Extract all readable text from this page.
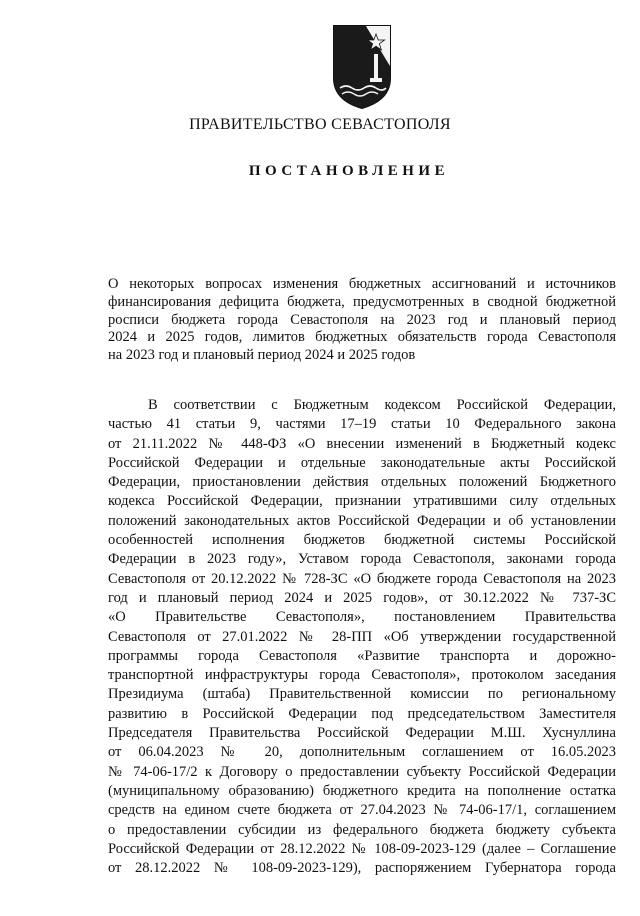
ПРАВИТЕЛЬСТВО СЕВАСТОПОЛЯ
ПОСТАНОВЛЕНИЕ
О некоторых вопросах изменения бюджетных ассигнований и источников
финансирования дефицита бюджета, предусмотренных в сводной бюджетной
росписи бюджета города Севастополя на 2023 год и плановый период
2024 и 2025 годов, лимитов бюджетных обязательств города Севастополя
на 2023 год и плановый период 2024 и 2025 годов
В соответствии с Бюджетным кодексом Российской Федерации,
частью 41 статьи 9, частями 17–19 статьи 10 Федерального закона
от 21.11.2022 № 448-ФЗ «О внесении изменений в Бюджетный кодекс
Российской Федерации и отдельные законодательные акты Российской
Федерации, приостановлении действия отдельных положений Бюджетного
кодекса Российской Федерации, признании утратившими силу отдельных
положений законодательных актов Российской Федерации и об установлении
особенностей исполнения бюджетов бюджетной системы Российской
Федерации в 2023 году», Уставом города Севастополя, законами города
Севастополя от 20.12.2022 № 728-ЗС «О бюджете города Севастополя на 2023
год и плановый период 2024 и 2025 годов», от 30.12.2022 № 737-ЗС
«О Правительстве Севастополя», постановлением Правительства
Севастополя от 27.01.2022 № 28-ПП «Об утверждении государственной
программы города Севастополя «Развитие транспорта и дорожно-
транспортной инфраструктуры города Севастополя», протоколом заседания
Президиума (штаба) Правительственной комиссии по региональному
развитию в Российской Федерации под председательством Заместителя
Председателя Правительства Российской Федерации М.Ш. Хуснуллина
от 06.04.2023 № 20, дополнительным соглашением от 16.05.2023
№ 74-06-17/2 к Договору о предоставлении субъекту Российской Федерации
(муниципальному образованию) бюджетного кредита на пополнение остатка
средств на едином счете бюджета от 27.04.2023 № 74-06-17/1, соглашением
о предоставлении субсидии из федерального бюджета бюджету субъекта
Российской Федерации от 28.12.2022 № 108-09-2023-129 (далее – Соглашение
от 28.12.2022 № 108-09-2023-129), распоряжением Губернатора города
